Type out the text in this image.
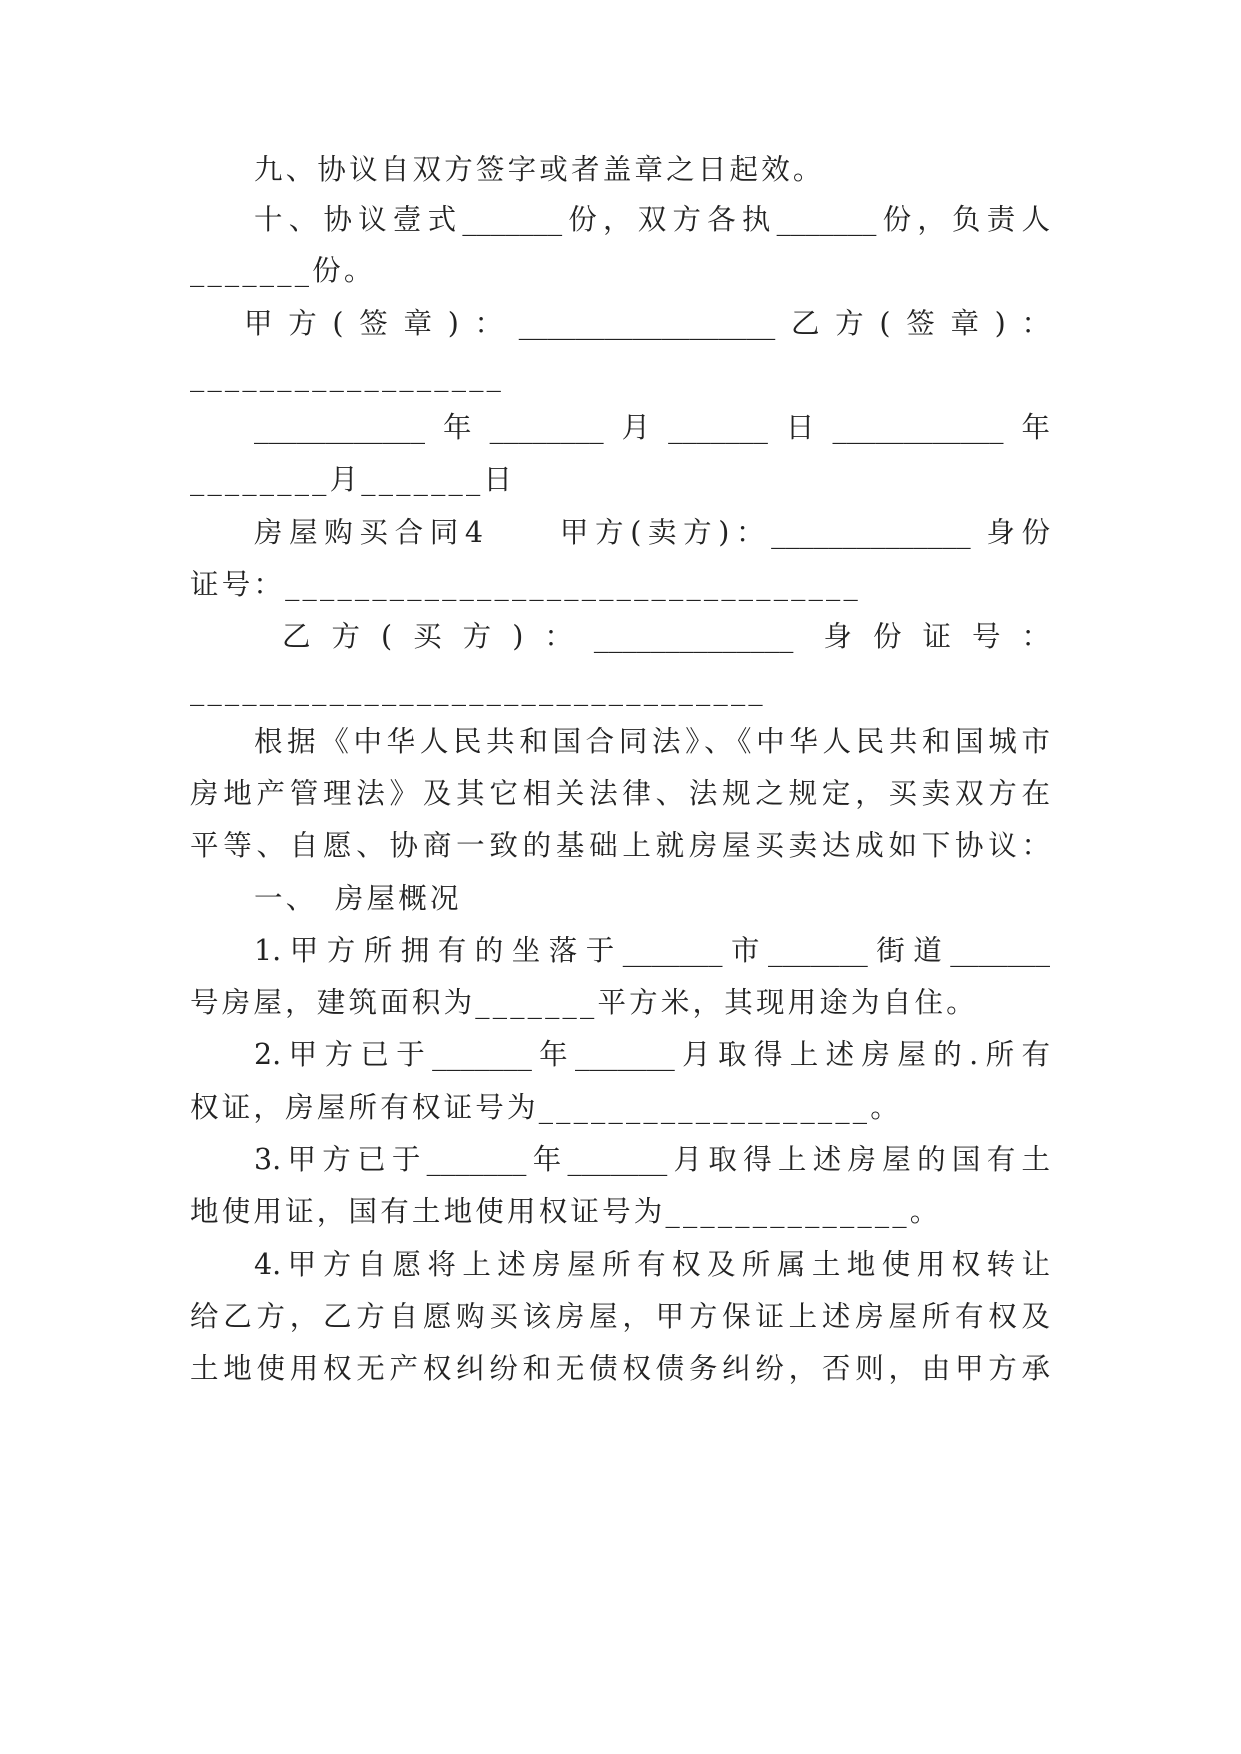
九、协议自双方签字或者盖章之日起效。
十、协议壹式_______份，双方各执_______份，负责人
_______份。
甲方(签章)：__________________乙方(签章)：
__________________
____________年________月_______日____________年
________月_______日
房屋购买合同4　　甲方(卖方)：______________ 身份
证号：_________________________________
乙方(买方)：______________ 身份证号：
_________________________________
根据《中华人民共和国合同法》、《中华人民共和国城市
房地产管理法》及其它相关法律、法规之规定，买卖双方在
平等、自愿、协商一致的基础上就房屋买卖达成如下协议：
一、　房屋概况
1.甲方所拥有的坐落于_______市_______街道_______
号房屋，建筑面积为_______平方米，其现用途为自住。
2.甲方已于_______年_______月取得上述房屋的.所有
权证，房屋所有权证号为___________________。
3.甲方已于_______年_______月取得上述房屋的国有土
地使用证，国有土地使用权证号为______________。
4.甲方自愿将上述房屋所有权及所属土地使用权转让
给乙方，乙方自愿购买该房屋，甲方保证上述房屋所有权及
土地使用权无产权纠纷和无债权债务纠纷，否则，由甲方承
